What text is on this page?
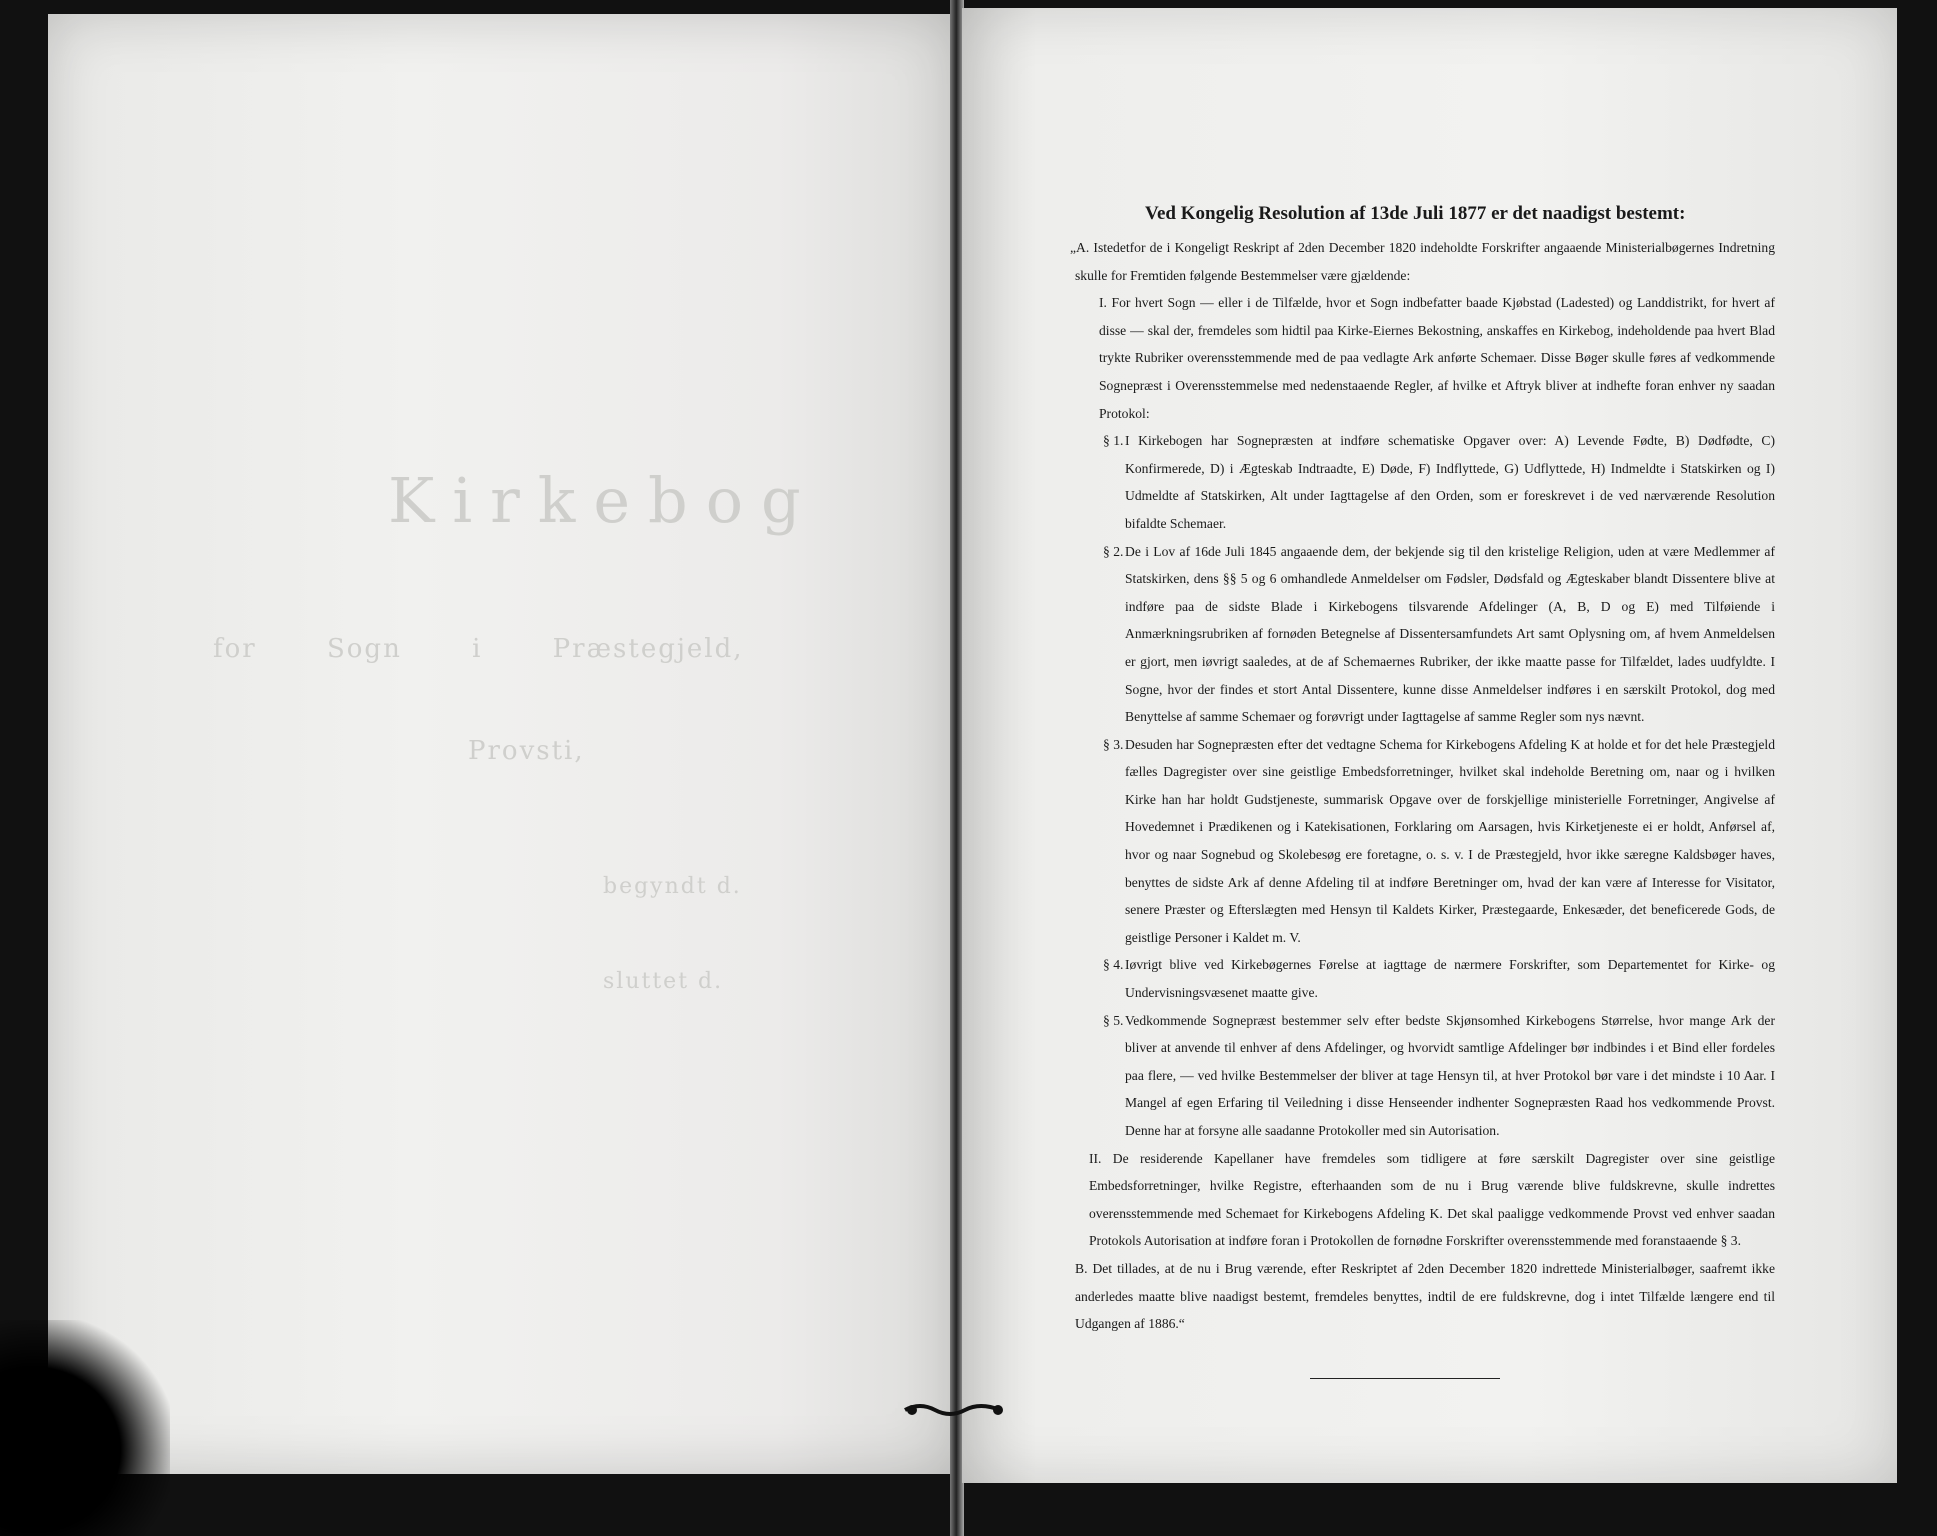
Kirkebog
for Sogn i Præstegjeld,
Provsti,
begyndt d.
sluttet d.
Ved Kongelig Resolution af 13de Juli 1877 er det naadigst bestemt:

„A. Istedetfor de i Kongeligt Reskript af 2den December 1820 indeholdte Forskrifter angaaende Ministerialbøgernes Indretning skulle for Fremtiden følgende Bestemmelser være gjældende:

I. For hvert Sogn — eller i de Tilfælde, hvor et Sogn indbefatter baade Kjøbstad (Ladested) og Landdistrikt, for hvert af disse — skal der, fremdeles som hidtil paa Kirke-Eiernes Bekostning, anskaffes en Kirkebog, indeholdende paa hvert Blad trykte Rubriker overensstemmende med de paa vedlagte Ark anførte Schemaer. Disse Bøger skulle føres af vedkommende Sognepræst i Overensstemmelse med nedenstaaende Regler, af hvilke et Aftryk bliver at indhefte foran enhver ny saadan Protokol:

§ 1. I Kirkebogen har Sognepræsten at indføre schematiske Opgaver over: A) Levende Fødte, B) Dødfødte, C) Konfirmerede, D) i Ægteskab Indtraadte, E) Døde, F) Indflyttede, G) Udflyttede, H) Indmeldte i Statskirken og I) Udmeldte af Statskirken, Alt under Iagttagelse af den Orden, som er foreskrevet i de ved nærværende Resolution bifaldte Schemaer.

§ 2. De i Lov af 16de Juli 1845 angaaende dem, der bekjende sig til den kristelige Religion, uden at være Medlemmer af Statskirken, dens §§ 5 og 6 omhandlede Anmeldelser om Fødsler, Dødsfald og Ægteskaber blandt Dissentere blive at indføre paa de sidste Blade i Kirkebogens tilsvarende Afdelinger (A, B, D og E) med Tilføiende i Anmærkningsrubriken af fornøden Betegnelse af Dissentersamfundets Art samt Oplysning om, af hvem Anmeldelsen er gjort, men iøvrigt saaledes, at de af Schemaernes Rubriker, der ikke maatte passe for Tilfældet, lades uudfyldte. I Sogne, hvor der findes et stort Antal Dissentere, kunne disse Anmeldelser indføres i en særskilt Protokol, dog med Benyttelse af samme Schemaer og forøvrigt under Iagttagelse af samme Regler som nys nævnt.

§ 3. Desuden har Sognepræsten efter det vedtagne Schema for Kirkebogens Afdeling K at holde et for det hele Præstegjeld fælles Dagregister over sine geistlige Embedsforretninger, hvilket skal indeholde Beretning om, naar og i hvilken Kirke han har holdt Gudstjeneste, summarisk Opgave over de forskjellige ministerielle Forretninger, Angivelse af Hovedemnet i Prædikenen og i Katekisationen, Forklaring om Aarsagen, hvis Kirketjeneste ei er holdt, Anførsel af, hvor og naar Sognebud og Skolebesøg ere foretagne, o. s. v. I de Præstegjeld, hvor ikke særegne Kaldsbøger haves, benyttes de sidste Ark af denne Afdeling til at indføre Beretninger om, hvad der kan være af Interesse for Visitator, senere Præster og Efterslægten med Hensyn til Kaldets Kirker, Præstegaarde, Enkesæder, det beneficerede Gods, de geistlige Personer i Kaldet m. V.

§ 4. Iøvrigt blive ved Kirkebøgernes Førelse at iagttage de nærmere Forskrifter, som Departementet for Kirke- og Undervisningsvæsenet maatte give.

§ 5. Vedkommende Sognepræst bestemmer selv efter bedste Skjønsomhed Kirkebogens Størrelse, hvor mange Ark der bliver at anvende til enhver af dens Afdelinger, og hvorvidt samtlige Afdelinger bør indbindes i et Bind eller fordeles paa flere, — ved hvilke Bestemmelser der bliver at tage Hensyn til, at hver Protokol bør vare i det mindste i 10 Aar. I Mangel af egen Erfaring til Veiledning i disse Henseender indhenter Sognepræsten Raad hos vedkommende Provst. Denne har at forsyne alle saadanne Protokoller med sin Autorisation.

II. De residerende Kapellaner have fremdeles som tidligere at føre særskilt Dagregister over sine geistlige Embedsforretninger, hvilke Registre, efterhaanden som de nu i Brug værende blive fuldskrevne, skulle indrettes overensstemmende med Schemaet for Kirkebogens Afdeling K. Det skal paaligge vedkommende Provst ved enhver saadan Protokols Autorisation at indføre foran i Protokollen de fornødne Forskrifter overensstemmende med foranstaaende § 3.

B. Det tillades, at de nu i Brug værende, efter Reskriptet af 2den December 1820 indrettede Ministerialbøger, saafremt ikke anderledes maatte blive naadigst bestemt, fremdeles benyttes, indtil de ere fuldskrevne, dog i intet Tilfælde længere end til Udgangen af 1886.“
